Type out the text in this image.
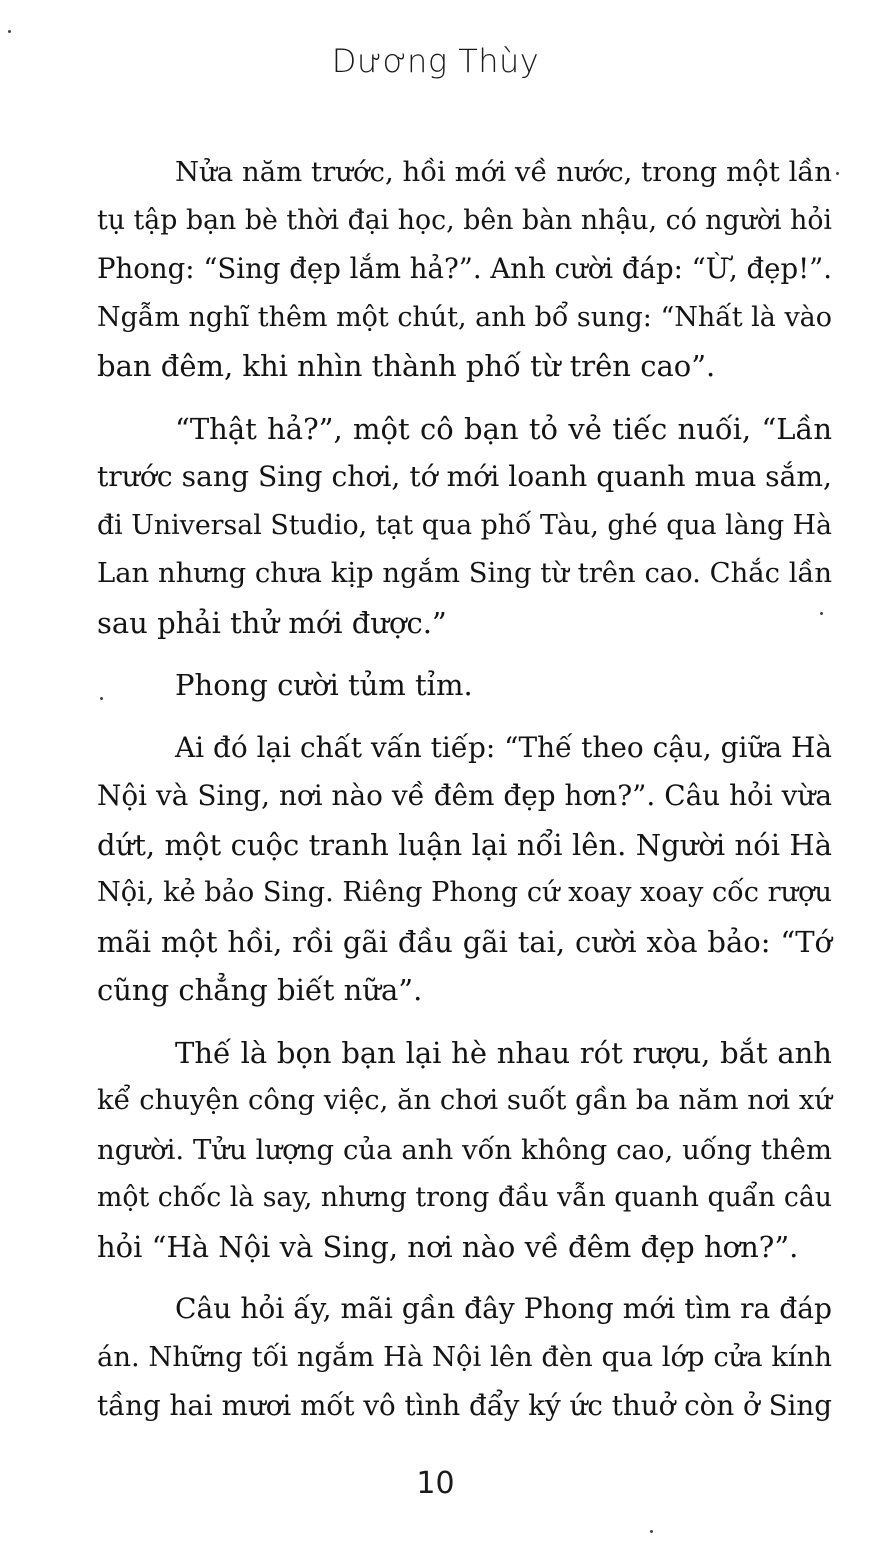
Dương Thùy

Nửa năm trước, hồi mới về nước, trong một lần
tụ tập bạn bè thời đại học, bên bàn nhậu, có người hỏi
Phong: “Sing đẹp lắm hả?”. Anh cười đáp: “Ừ, đẹp!”.
Ngẫm nghĩ thêm một chút, anh bổ sung: “Nhất là vào
ban đêm, khi nhìn thành phố từ trên cao”.

“Thật hả?”, một cô bạn tỏ vẻ tiếc nuối, “Lần
trước sang Sing chơi, tớ mới loanh quanh mua sắm,
đi Universal Studio, tạt qua phố Tàu, ghé qua làng Hà
Lan nhưng chưa kịp ngắm Sing từ trên cao. Chắc lần
sau phải thử mới được.”

Phong cười tủm tỉm.

Ai đó lại chất vấn tiếp: “Thế theo cậu, giữa Hà
Nội và Sing, nơi nào về đêm đẹp hơn?”. Câu hỏi vừa
dứt, một cuộc tranh luận lại nổi lên. Người nói Hà
Nội, kẻ bảo Sing. Riêng Phong cứ xoay xoay cốc rượu
mãi một hồi, rồi gãi đầu gãi tai, cười xòa bảo: “Tớ
cũng chẳng biết nữa”.

Thế là bọn bạn lại hè nhau rót rượu, bắt anh
kể chuyện công việc, ăn chơi suốt gần ba năm nơi xứ
người. Tửu lượng của anh vốn không cao, uống thêm
một chốc là say, nhưng trong đầu vẫn quanh quẩn câu
hỏi “Hà Nội và Sing, nơi nào về đêm đẹp hơn?”.

Câu hỏi ấy, mãi gần đây Phong mới tìm ra đáp
án. Những tối ngắm Hà Nội lên đèn qua lớp cửa kính
tầng hai mươi mốt vô tình đẩy ký ức thuở còn ở Sing

10
